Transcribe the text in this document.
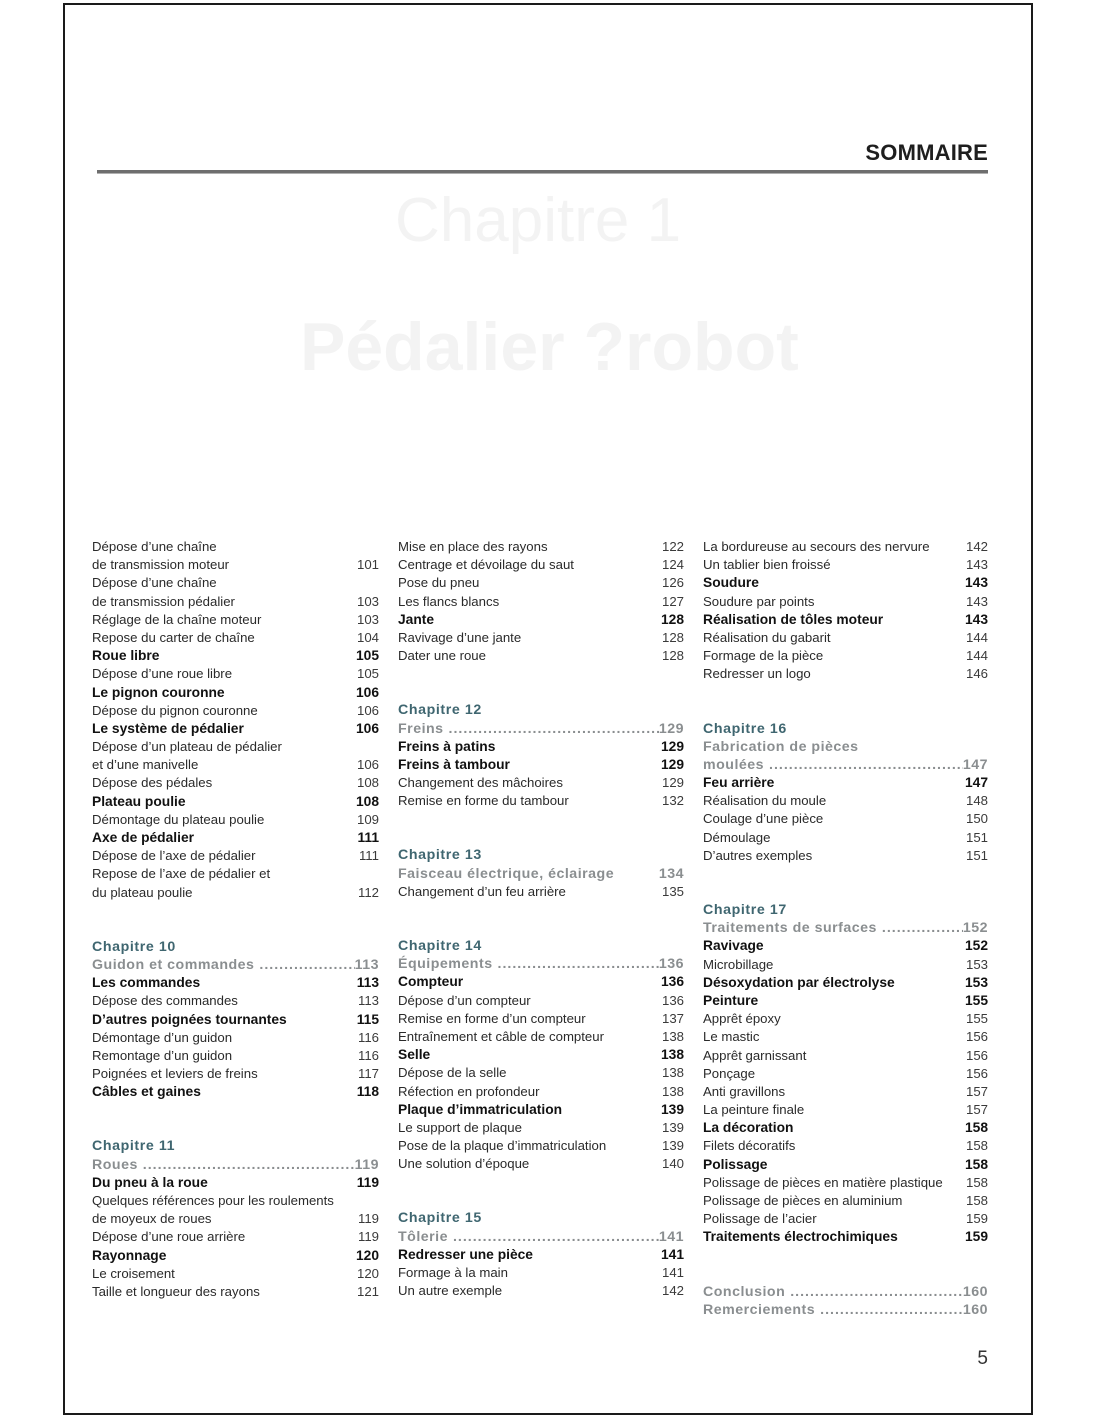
Chapitre 1
Pédalier ?robot
SOMMAIRE
Dépose d’une chaîne
de transmission moteur	101
Dépose d’une chaîne
de transmission pédalier	103
Réglage de la chaîne moteur	103
Repose du carter de chaîne	104
Roue libre	105
Dépose d’une roue libre	105
Le pignon couronne	106
Dépose du pignon couronne	106
Le système de pédalier	106
Dépose d’un plateau de pédalier
et d’une manivelle	106
Dépose des pédales	108
Plateau poulie	108
Démontage du plateau poulie	109
Axe de pédalier	111
Dépose de l’axe de pédalier	111
Repose de l’axe de pédalier et
du plateau poulie	112
Chapitre 10
Guidon et commandes .....	113
Les commandes	113
Dépose des commandes	113
D’autres poignées tournantes	115
Démontage d’un guidon	116
Remontage d’un guidon	116
Poignées et leviers de freins	117
Câbles et gaines	118
Chapitre 11
Roues .....	119
Du pneu à la roue	119
Quelques références pour les roulements
de moyeux de roues	119
Dépose d’une roue arrière	119
Rayonnage	120
Le croisement	120
Taille et longueur des rayons	121
Mise en place des rayons	122
Centrage et dévoilage du saut	124
Pose du pneu	126
Les flancs blancs	127
Jante	128
Ravivage d’une jante	128
Dater une roue	128
Chapitre 12
Freins .....	129
Freins à patins	129
Freins à tambour	129
Changement des mâchoires	129
Remise en forme du tambour	132
Chapitre 13
Faisceau électrique, éclairage	134
Changement d’un feu arrière	135
Chapitre 14
Équipements .....	136
Compteur	136
Dépose d’un compteur	136
Remise en forme d’un compteur	137
Entraînement et câble de compteur	138
Selle	138
Dépose de la selle	138
Réfection en profondeur	138
Plaque d’immatriculation	139
Le support de plaque	139
Pose de la plaque d’immatriculation	139
Une solution d’époque	140
Chapitre 15
Tôlerie .....	141
Redresser une pièce	141
Formage à la main	141
Un autre exemple	142
La bordureuse au secours des nervure	142
Un tablier bien froissé	143
Soudure	143
Soudure par points	143
Réalisation de tôles moteur	143
Réalisation du gabarit	144
Formage de la pièce	144
Redresser un logo	146
Chapitre 16
Fabrication de pièces
moulées .....	147
Feu arrière	147
Réalisation du moule	148
Coulage d’une pièce	150
Démoulage	151
D’autres exemples	151
Chapitre 17
Traitements de surfaces .....	152
Ravivage	152
Microbillage	153
Désoxydation par électrolyse	153
Peinture	155
Apprêt époxy	155
Le mastic	156
Apprêt garnissant	156
Ponçage	156
Anti gravillons	157
La peinture finale	157
La décoration	158
Filets décoratifs	158
Polissage	158
Polissage de pièces en matière plastique	158
Polissage de pièces en aluminium	158
Polissage de l’acier	159
Traitements électrochimiques	159
Conclusion .....	160
Remerciements .....	160
5
